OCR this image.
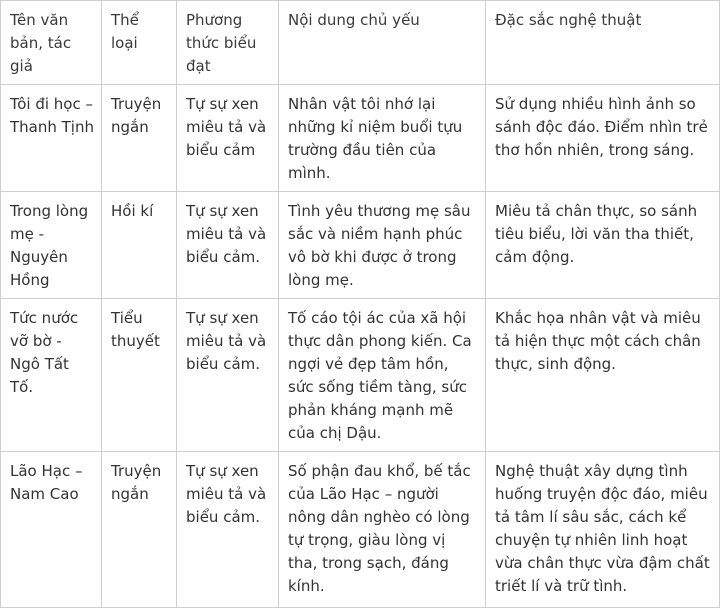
Tên văn bản, tác giả	Thể loại	Phương thức biểu đạt	Nội dung chủ yếu	Đặc sắc nghệ thuật
Tôi đi học – Thanh Tịnh	Truyện ngắn	Tự sự xen miêu tả và biểu cảm	Nhân vật tôi nhớ lại những kỉ niệm buổi tựu trường đầu tiên của mình.	Sử dụng nhiều hình ảnh so sánh độc đáo. Điểm nhìn trẻ thơ hồn nhiên, trong sáng.
Trong lòng mẹ - Nguyên Hồng	Hồi kí	Tự sự xen miêu tả và biểu cảm.	Tình yêu thương mẹ sâu sắc và niềm hạnh phúc vô bờ khi được ở trong lòng mẹ.	Miêu tả chân thực, so sánh tiêu biểu, lời văn tha thiết, cảm động.
Tức nước vỡ bờ - Ngô Tất Tố.	Tiểu thuyết	Tự sự xen miêu tả và biểu cảm.	Tố cáo tội ác của xã hội thực dân phong kiến. Ca ngợi vẻ đẹp tâm hồn, sức sống tiềm tàng, sức phản kháng mạnh mẽ của chị Dậu.	Khắc họa nhân vật và miêu tả hiện thực một cách chân thực, sinh động.
Lão Hạc – Nam Cao	Truyện ngắn	Tự sự xen miêu tả và biểu cảm.	Số phận đau khổ, bế tắc của Lão Hạc – người nông dân nghèo có lòng tự trọng, giàu lòng vị tha, trong sạch, đáng kính.	Nghệ thuật xây dựng tình huống truyện độc đáo, miêu tả tâm lí sâu sắc, cách kể chuyện tự nhiên linh hoạt vừa chân thực vừa đậm chất triết lí và trữ tình.
